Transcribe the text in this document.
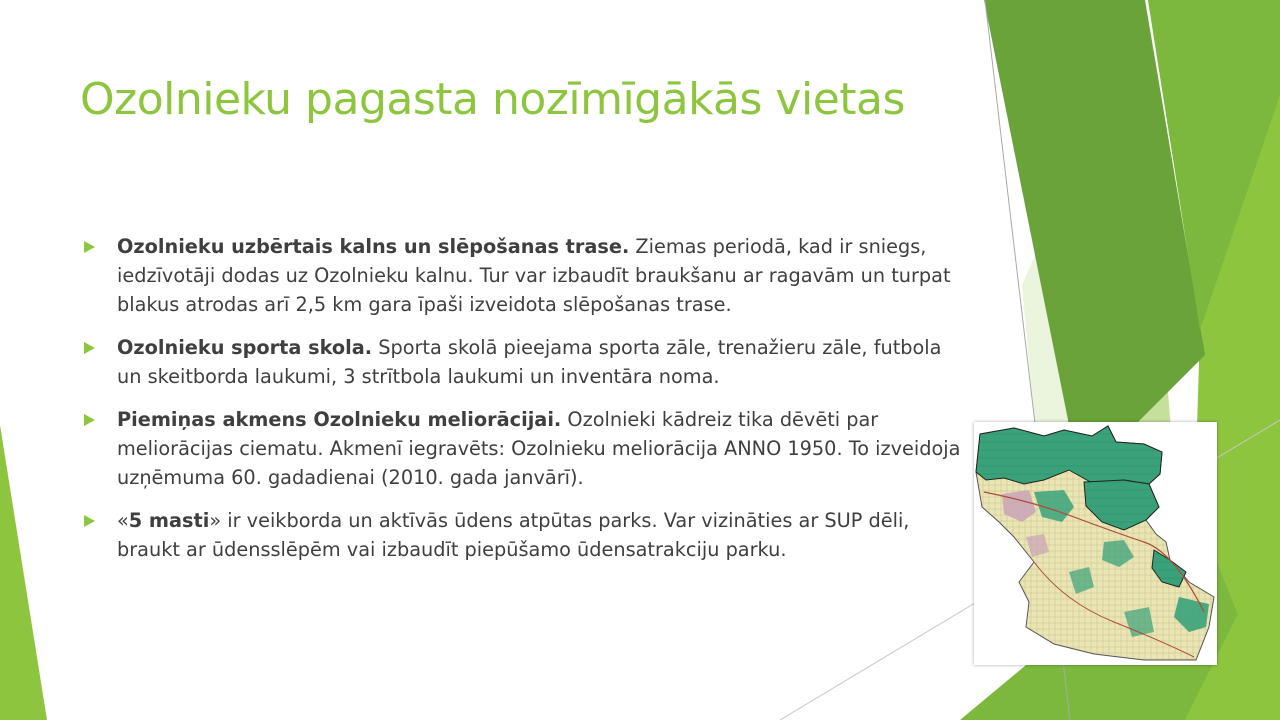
Ozolnieku pagasta nozīmīgākās vietas
Ozolnieku uzbērtais kalns un slēpošanas trase. Ziemas periodā, kad ir sniegs, iedzīvotāji dodas uz Ozolnieku kalnu. Tur var izbaudīt braukšanu ar ragavām un turpat blakus atrodas arī 2,5 km gara īpaši izveidota slēpošanas trase.
Ozolnieku sporta skola. Sporta skolā pieejama sporta zāle, trenažieru zāle, futbola un skeitborda laukumi, 3 strītbola laukumi un inventāra noma.
Piemiņas akmens Ozolnieku meliorācijai. Ozolnieki kādreiz tika dēvēti par meliorācijas ciematu. Akmenī iegravēts: Ozolnieku meliorācija ANNO 1950. To izveidoja uzņēmuma 60. gadadienai (2010. gada janvārī).
«5 masti» ir veikborda un aktīvās ūdens atpūtas parks. Var vizināties ar SUP dēli, braukt ar ūdensslēpēm vai izbaudīt piepūšamo ūdensatrakciju parku.
